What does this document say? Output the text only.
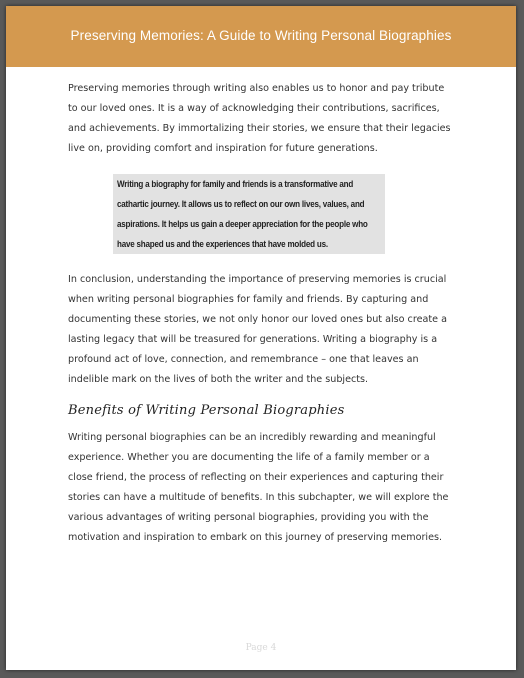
Preserving Memories: A Guide to Writing Personal Biographies
Preserving memories through writing also enables us to honor and pay tribute to our loved ones. It is a way of acknowledging their contributions, sacrifices, and achievements. By immortalizing their stories, we ensure that their legacies live on, providing comfort and inspiration for future generations.
Writing a biography for family and friends is a transformative and cathartic journey. It allows us to reflect on our own lives, values, and aspirations. It helps us gain a deeper appreciation for the people who have shaped us and the experiences that have molded us.
In conclusion, understanding the importance of preserving memories is crucial when writing personal biographies for family and friends. By capturing and documenting these stories, we not only honor our loved ones but also create a lasting legacy that will be treasured for generations. Writing a biography is a profound act of love, connection, and remembrance – one that leaves an indelible mark on the lives of both the writer and the subjects.
Benefits of Writing Personal Biographies
Writing personal biographies can be an incredibly rewarding and meaningful experience. Whether you are documenting the life of a family member or a close friend, the process of reflecting on their experiences and capturing their stories can have a multitude of benefits. In this subchapter, we will explore the various advantages of writing personal biographies, providing you with the motivation and inspiration to embark on this journey of preserving memories.
Page 4
